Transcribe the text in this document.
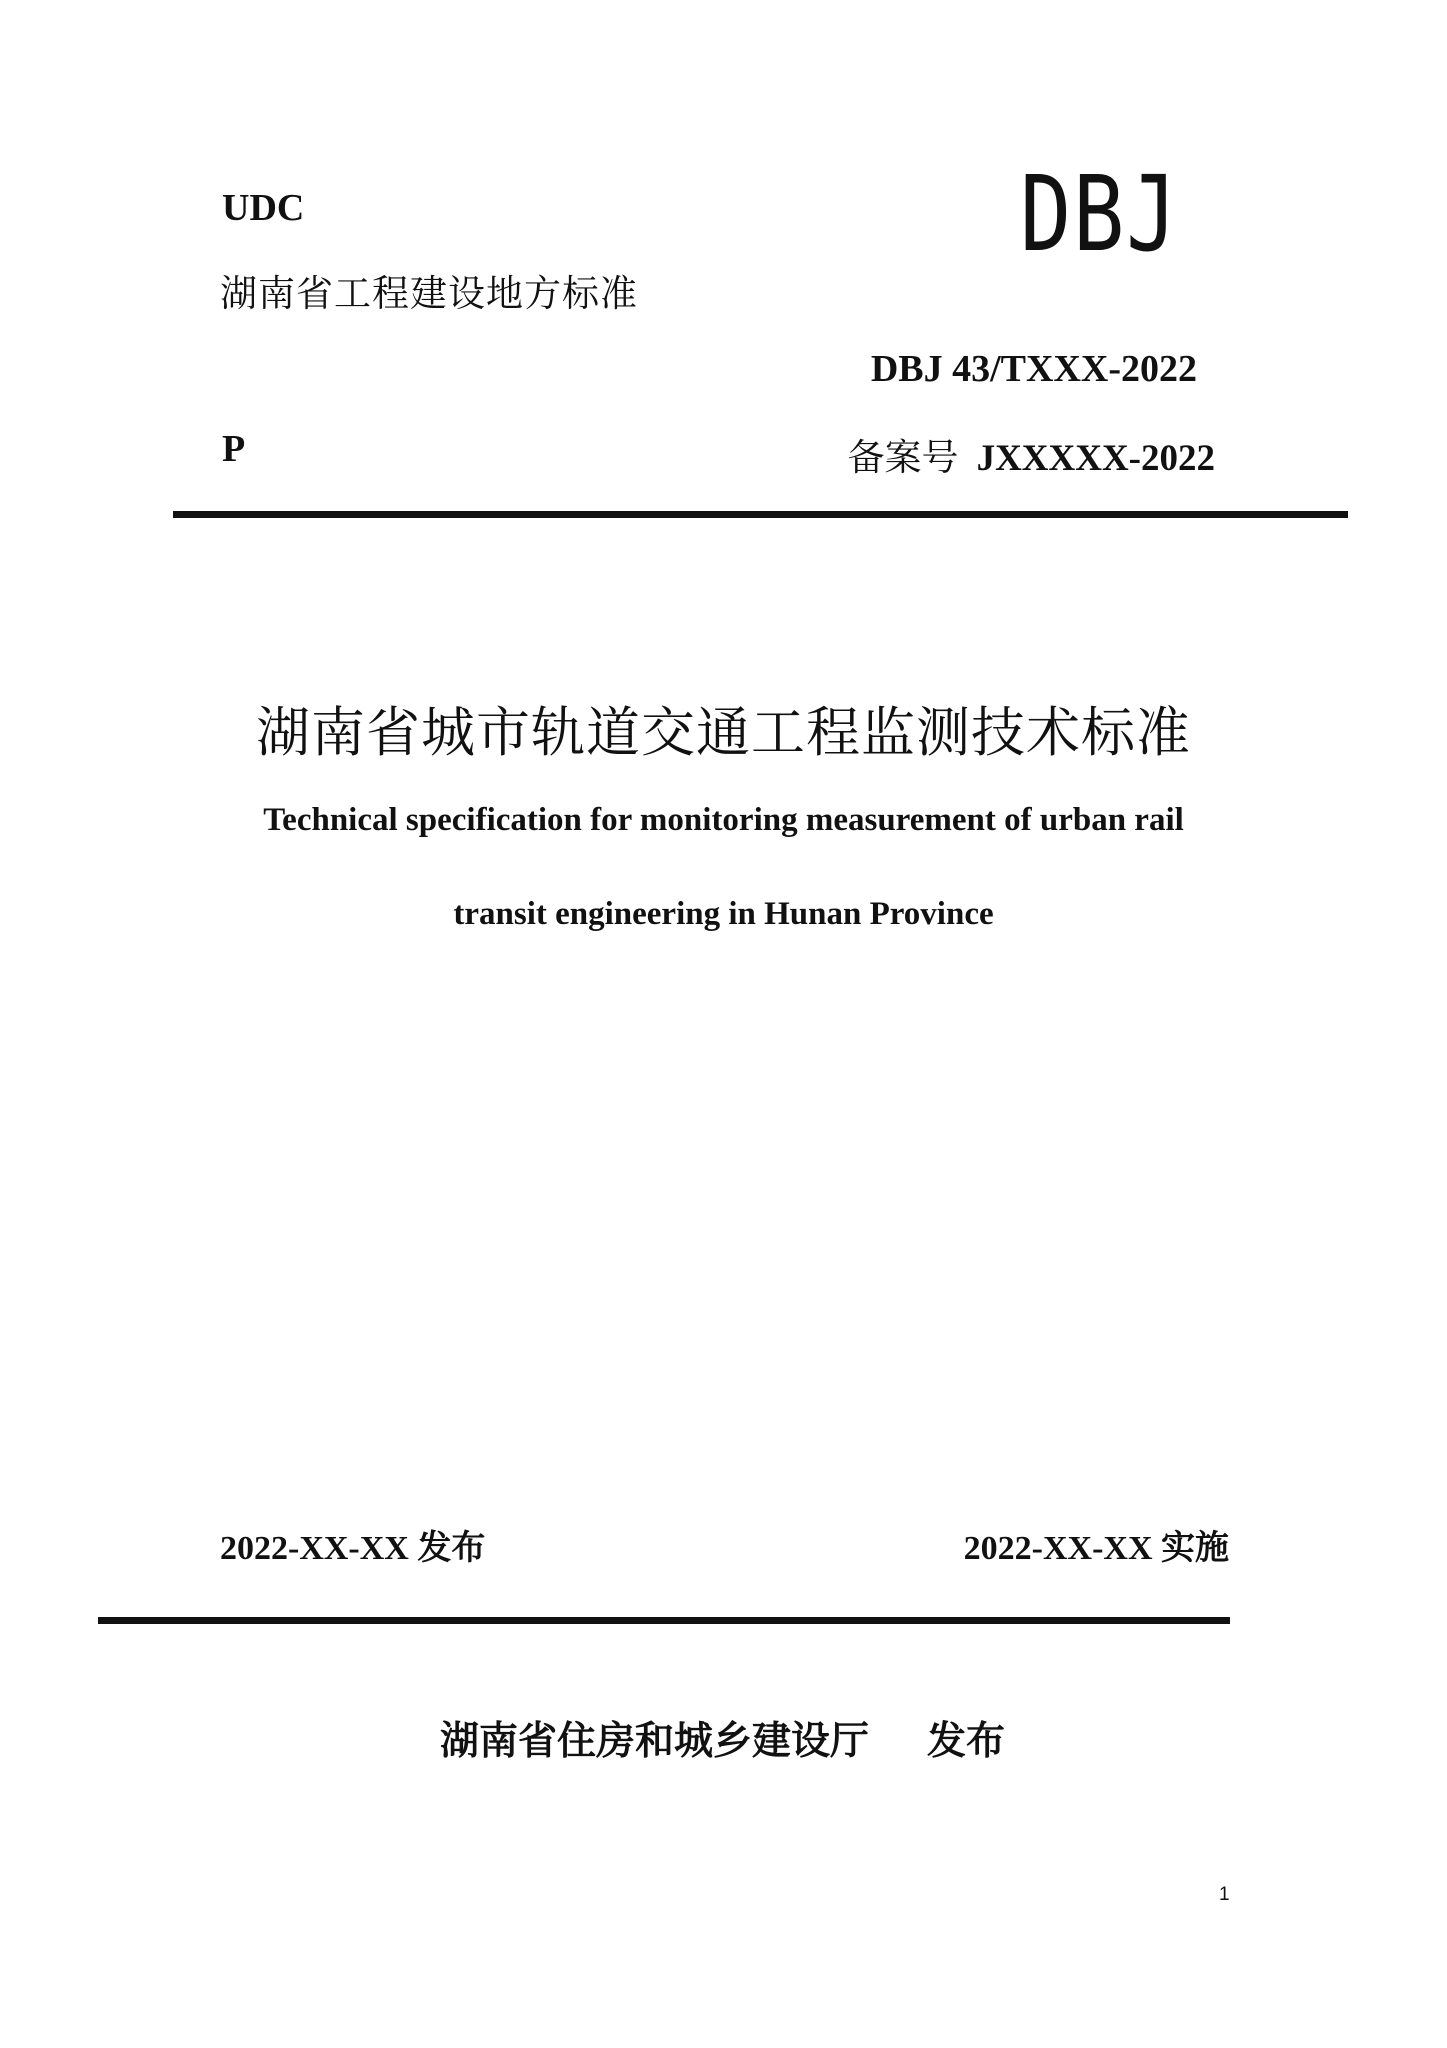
UDC	DBJ
湖南省工程建设地方标准
DBJ 43/TXXX-2022
P	备案号 JXXXXX-2022
湖南省城市轨道交通工程监测技术标准
Technical specification for monitoring measurement of urban rail
transit engineering in Hunan Province
2022-XX-XX 发布	2022-XX-XX 实施
湖南省住房和城乡建设厅 发布
1
